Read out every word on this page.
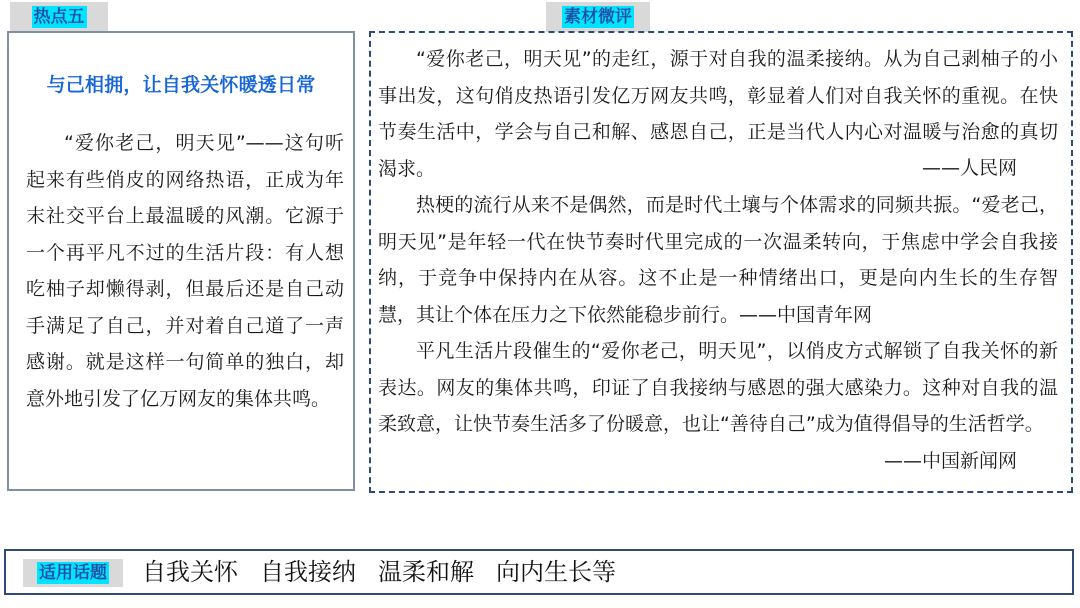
热点五	素材微评
与己相拥，让自我关怀暖透日常

“爱你老己，明天见”——这句听起来有些俏皮的网络热语，正成为年末社交平台上最温暖的风潮。它源于一个再平凡不过的生活片段：有人想吃柚子却懒得剥，但最后还是自己动手满足了自己，并对着自己道了一声感谢。就是这样一句简单的独白，却意外地引发了亿万网友的集体共鸣。

“爱你老己，明天见”的走红，源于对自我的温柔接纳。从为自己剥柚子的小事出发，这句俏皮热语引发亿万网友共鸣，彰显着人们对自我关怀的重视。在快节奏生活中，学会与自己和解、感恩自己，正是当代人内心对温暖与治愈的真切渴求。	——人民网

热梗的流行从来不是偶然，而是时代土壤与个体需求的同频共振。“爱老己，明天见”是年轻一代在快节奏时代里完成的一次温柔转向，于焦虑中学会自我接纳，于竞争中保持内在从容。这不止是一种情绪出口，更是向内生长的生存智慧，其让个体在压力之下依然能稳步前行。——中国青年网

平凡生活片段催生的“爱你老己，明天见”，以俏皮方式解锁了自我关怀的新表达。网友的集体共鸣，印证了自我接纳与感恩的强大感染力。这种对自我的温柔致意，让快节奏生活多了份暖意，也让“善待自己”成为值得倡导的生活哲学。

——中国新闻网
适用话题 自我关怀 自我接纳 温柔和解 向内生长等
